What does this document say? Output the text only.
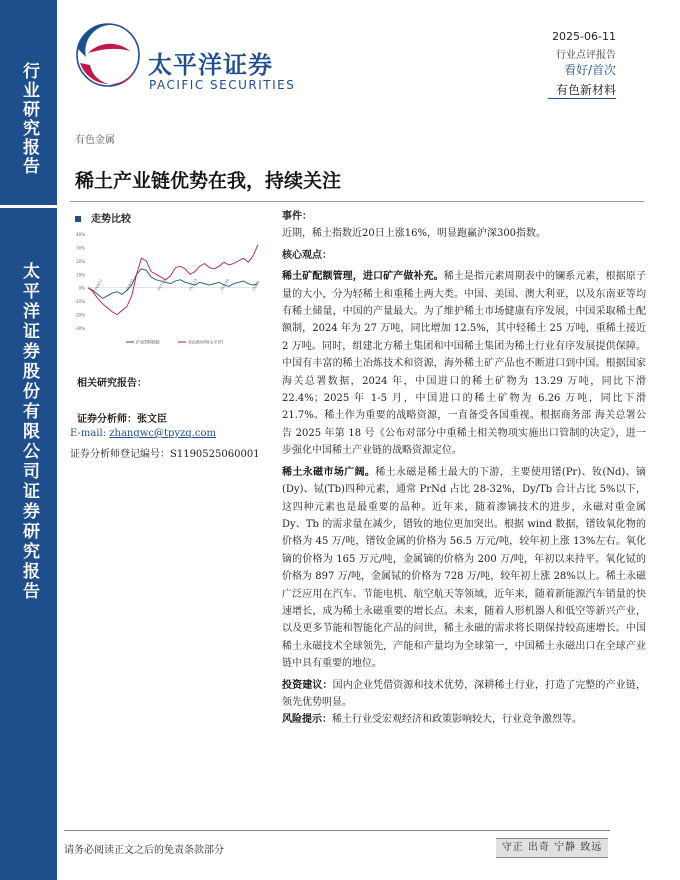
行业研究报告
太平洋证券股份有限公司证券研究报告
太平洋证券
PACIFIC SECURITIES
2025-06-11
行业点评报告
看好/首次
有色新材料
有色金属
稀土产业链优势在我，持续关注
走势比较
40%
30%
20%
10%
0%
-10%
-20%
-30%
24/6/11	24/8/22	24/11/2	25/1/13	25/3/26	25/6/6
沪深300指数	有色新材料(太平洋)
相关研究报告：
证券分析师：张文臣
E-mail: zhangwc@tpyzq.com
证券分析师登记编号：S1190525060001

事件：

近期，稀土指数近20日上涨16%，明显跑赢沪深300指数。

核心观点：

稀土矿配额管理，进口矿产做补充。稀土是指元素周期表中的镧系元素，根据原子量的大小，分为轻稀土和重稀土两大类。中国、美国、澳大利亚，以及东南亚等均有稀土储量，中国的产量最大。为了维护稀土市场健康有序发展，中国采取稀土配额制，2024 年为 27 万吨，同比增加 12.5%，其中轻稀土 25 万吨，重稀土接近 2 万吨。同时，组建北方稀土集团和中国稀土集团为稀土行业有序发展提供保障。中国有丰富的稀土冶炼技术和资源，海外稀土矿产品也不断进口到中国。根据国家海关总署数据，2024 年，中国进口的稀土矿物为 13.29 万吨，同比下滑 22.4%；2025 年 1-5 月，中国进口的稀土矿物为 6.26 万吨，同比下滑 21.7%。稀土作为重要的战略资源，一直备受各国重视。根据商务部 海关总署公告 2025 年第 18 号《公布对部分中重稀土相关物项实施出口管制的决定》，进一步强化中国稀土产业链的战略资源定位。

稀土永磁市场广阔。稀土永磁是稀土最大的下游，主要使用镨(Pr)、钕(Nd)、镝(Dy)、铽(Tb)四种元素，通常 PrNd 占比 28-32%，Dy/Tb 合计占比 5%以下，这四种元素也是最重要的品种。近年来，随着渗镝技术的进步，永磁对重金属 Dy、Tb 的需求量在减少，镨钕的地位更加突出。根据 wind 数据，镨钕氧化物的价格为 45 万/吨，镨钕金属的价格为 56.5 万元/吨，较年初上涨 13%左右。氧化镝的价格为 165 万元/吨，金属镝的价格为 200 万/吨，年初以来持平。氧化铽的价格为 897 万/吨，金属铽的价格为 728 万/吨，较年初上涨 28%以上。稀土永磁广泛应用在汽车、节能电机、航空航天等领域，近年来，随着新能源汽车销量的快速增长，成为稀土永磁重要的增长点。未来，随着人形机器人和低空等新兴产业，以及更多节能和智能化产品的问世，稀土永磁的需求将长期保持较高速增长。中国稀土永磁技术全球领先，产能和产量均为全球第一，中国稀土永磁出口在全球产业链中具有重要的地位。

投资建议：国内企业凭借资源和技术优势，深耕稀土行业，打造了完整的产业链，领先优势明显。

风险提示：稀土行业受宏观经济和政策影响较大，行业竞争激烈等。

请务必阅读正文之后的免责条款部分	守正 出奇 宁静 致远
